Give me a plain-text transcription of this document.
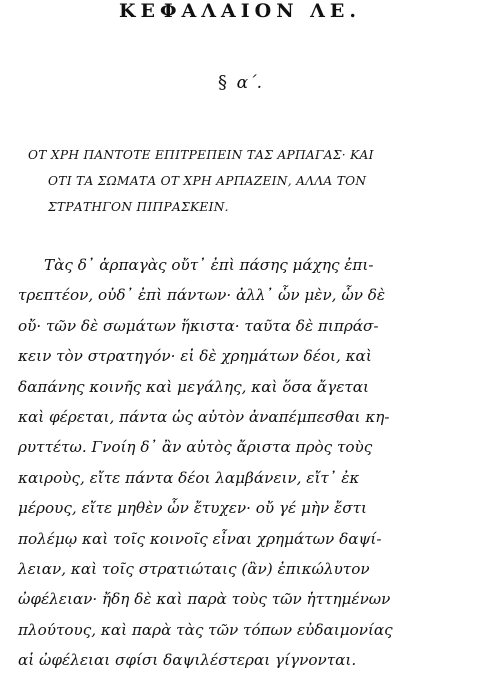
ΚΕΦΑΛΑΙΟΝ ΛΕ.
§ α΄.
ΟΤ ΧΡΗ ΠΑΝΤΟΤΕ ΕΠΙΤΡΕΠΕΙΝ ΤΑΣ ΑΡΠΑΓΑΣ· ΚΑΙ
ΟΤΙ ΤΑ ΣΩΜΑΤΑ ΟΤ ΧΡΗ ΑΡΠΑΖΕΙΝ, ΑΛΛΑ ΤΟΝ
ΣΤΡΑΤΗΓΟΝ ΠΙΠΡΑΣΚΕΙΝ.
Τὰς δ᾽ ἁρπαγὰς οὔτ᾽ ἐπὶ πάσης μάχης ἐπι-
τρεπτέον, οὐδ᾽ ἐπὶ πάντων· ἀλλ᾽ ὧν μὲν, ὧν δὲ
οὔ· τῶν δὲ σωμάτων ἥκιστα· ταῦτα δὲ πιπράσ-
κειν τὸν στρατηγόν· εἰ δὲ χρημάτων δέοι, καὶ
δαπάνης κοινῆς καὶ μεγάλης, καὶ ὅσα ἄγεται
καὶ φέρεται, πάντα ὡς αὐτὸν ἀναπέμπεσθαι κη-
ρυττέτω. Γνοίη δ᾽ ἂν αὐτὸς ἄριστα πρὸς τοὺς
καιροὺς, εἴτε πάντα δέοι λαμβάνειν, εἴτ᾽ ἐκ
μέρους, εἴτε μηθὲν ὧν ἔτυχεν· οὔ γέ μὴν ἔστι
πολέμῳ καὶ τοῖς κοινοῖς εἶναι χρημάτων δαψί-
λειαν, καὶ τοῖς στρατιώταις (ἂν) ἐπικώλυτον
ὠφέλειαν· ἤδη δὲ καὶ παρὰ τοὺς τῶν ἡττημένων
πλούτους, καὶ παρὰ τὰς τῶν τόπων εὐδαιμονίας
αἱ ὠφέλειαι σφίσι δαψιλέστεραι γίγνονται.
